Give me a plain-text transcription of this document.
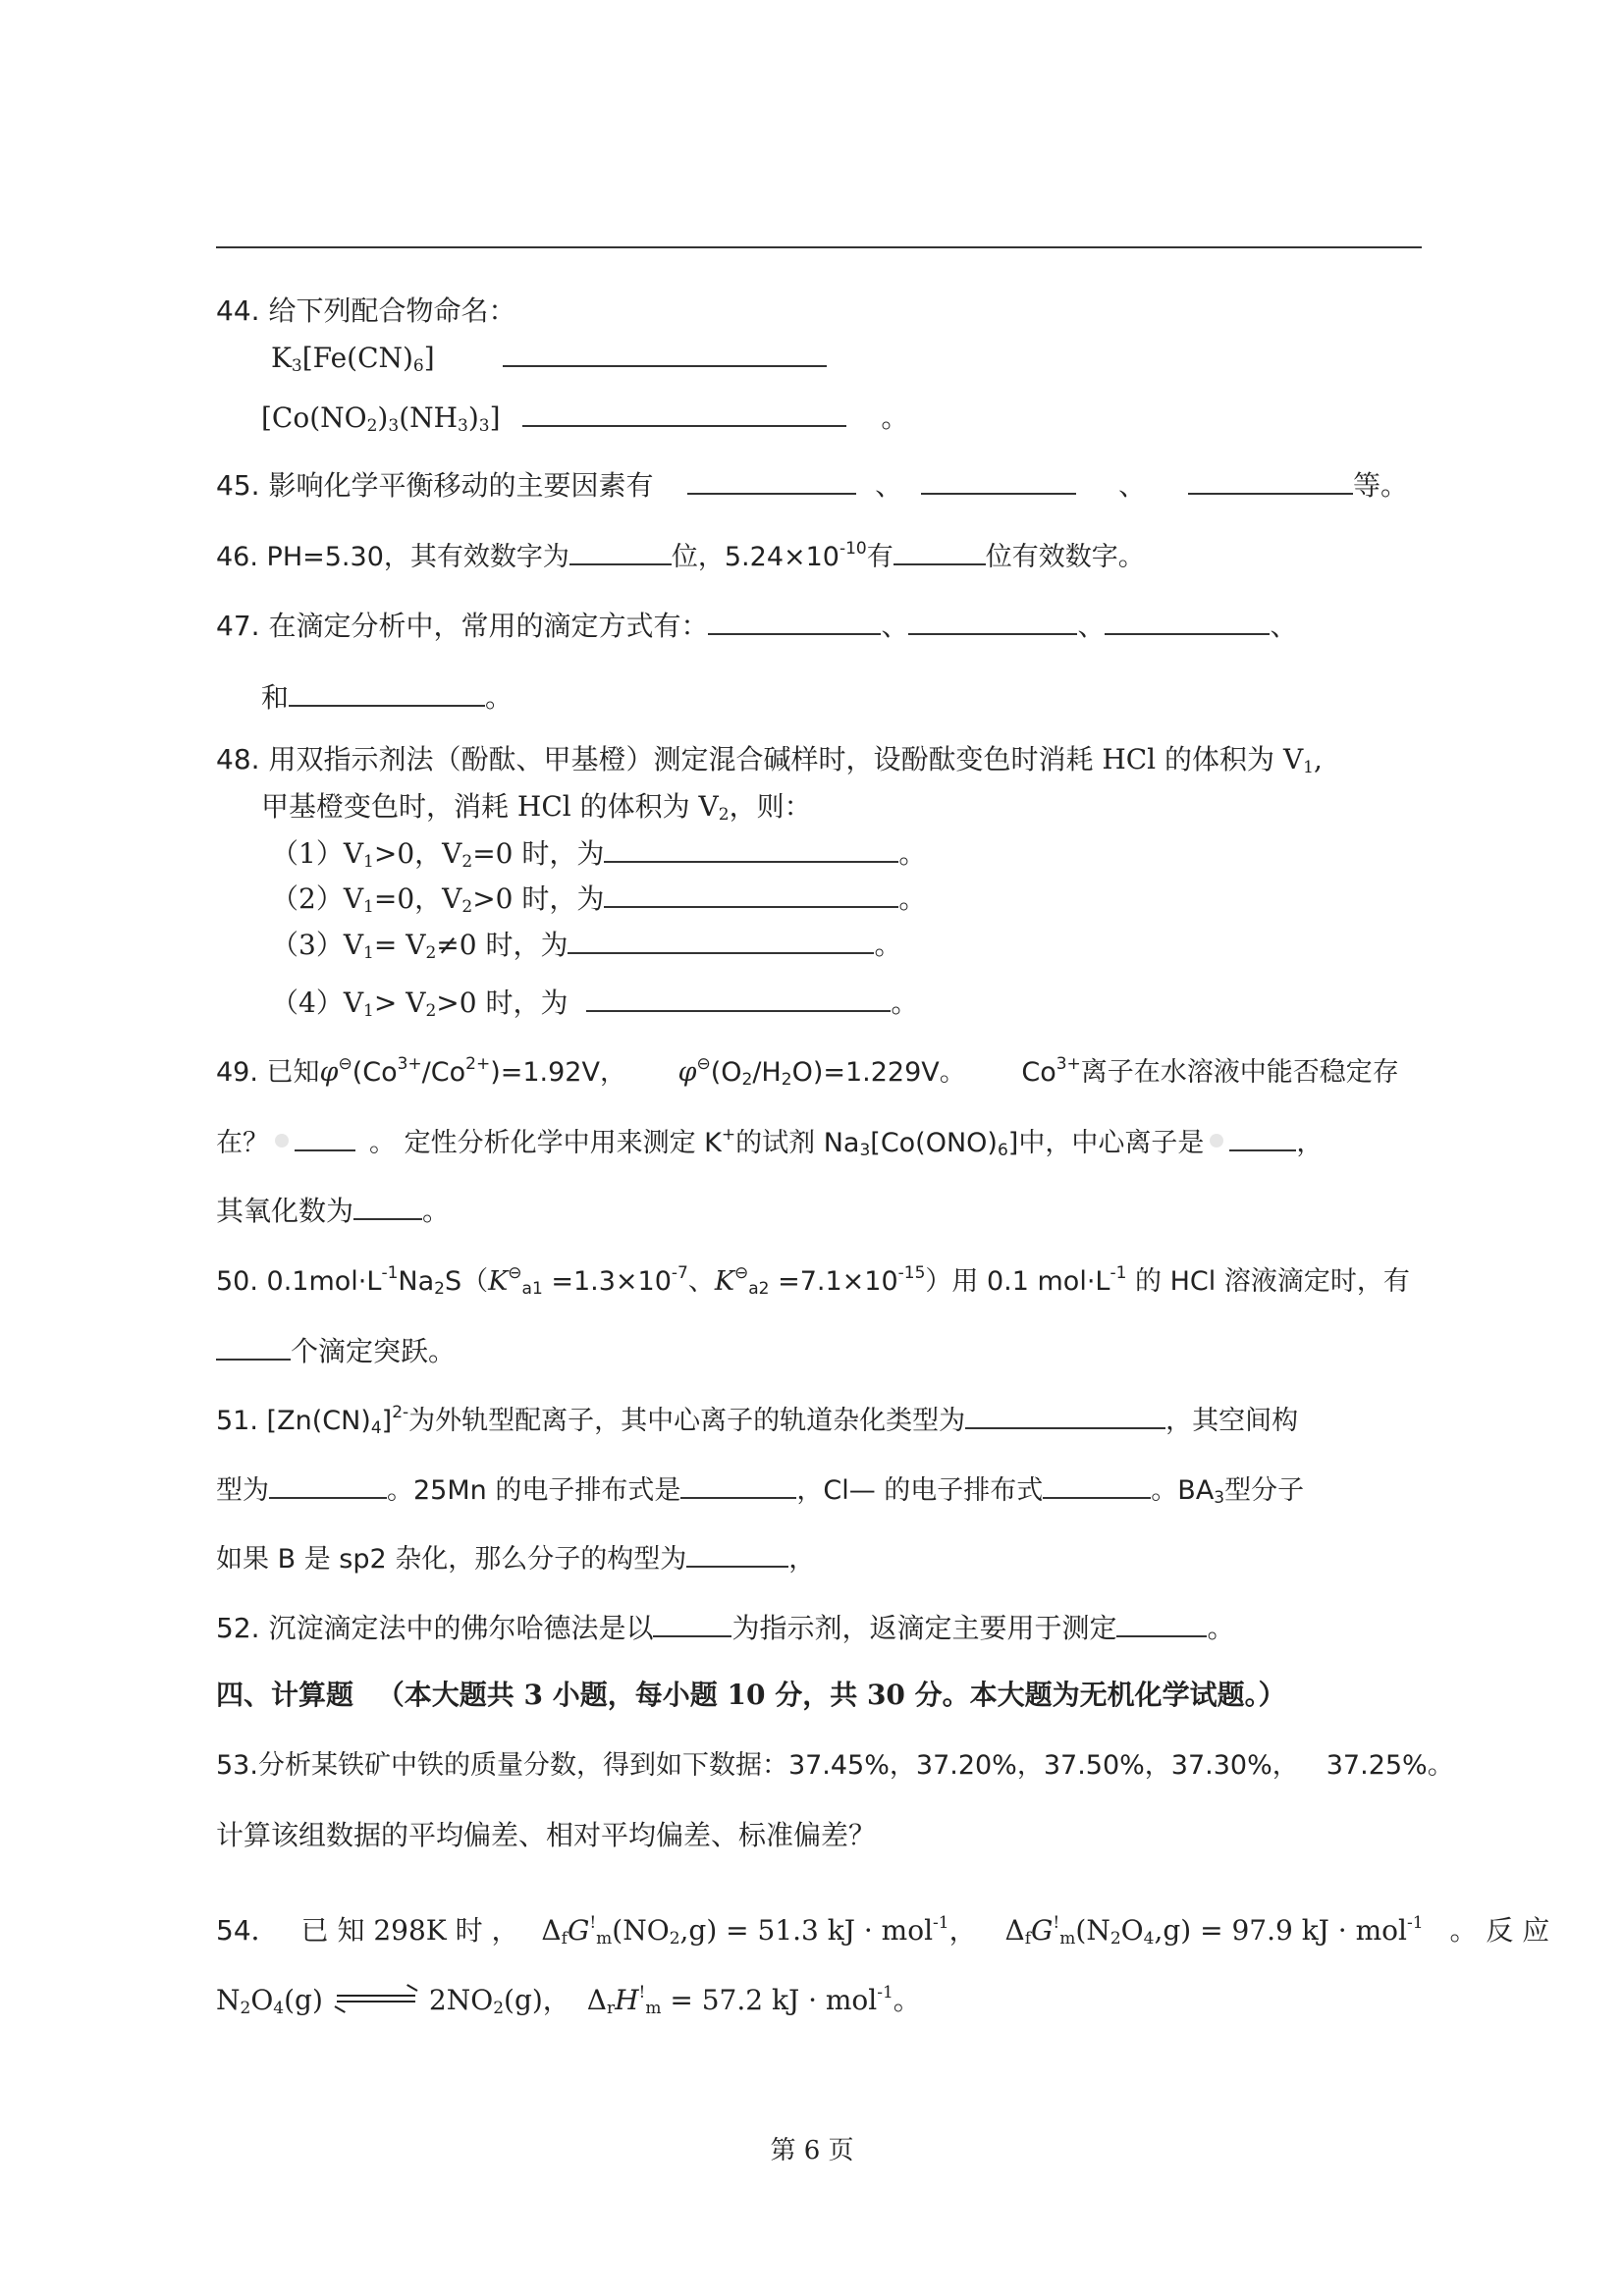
44. 给下列配合物命名：
$K_3[Fe(CN)_6]$
$[Co(NO_2)_3(NH_3)_3]$	。
45. 影响化学平衡移动的主要因素有	、	、	等。
46. PH=5.30，其有效数字为	位，$5.24\times 10^{-10}$有	位有效数字。
47. 在滴定分析中，常用的滴定方式有：	、	、	、
和	。
48. 用双指示剂法（酚酞、甲基橙）测定混合碱样时，设酚酞变色时消耗 HCl 的体积为 $V_1$,
甲基橙变色时，消耗 HCl 的体积为 $V_2$，则：
$(1)V_1>0$，$V_2=0$ 时，为	。
$(2)V_1=0$，$V_2>0$ 时，为	。
$(3)V_1= V_2\ne 0$ 时，为	。
$(4)V_1> V_2>0$ 时，为	。
49. 已知$\varphi^⊖(Co^{3+}/Co^{2+})=1.92V$， $\varphi^⊖(O_2/H_2O)=1.229V$。 $Co^{3+}$离子在水溶液中能否稳定存
在？	。 定性分析化学中用来测定 K+的试剂 $Na_3[Co(ONO)_6]$中，中心离子是	，
其氧化数为	。
50. $0.1mol\cdot L^{-1}Na_2S(K^⊖_{a1} =1.3\times 10^{-7}$、$K^⊖_{a2} =7.1\times 10^{-15}$）用 0.1 $mol\cdot L^{-1}$ 的 HCl 溶液滴定时，有
个滴定突跃。
51. $[Zn(CN)_4]^{2-}$为外轨型配离子，其中心离子的轨道杂化类型为	，其空间构
型为	。25Mn 的电子排布式是	，Cl— 的电子排布式	。$BA_3$型分子
如果 B 是 sp2 杂化，那么分子的构型为	，
52. 沉淀滴定法中的佛尔哈德法是以	为指示剂，返滴定主要用于测定	。
四、计算题 （本大题共 3 小题，每小题 10 分，共 30 分。本大题为无机化学试题。）
53.分析某铁矿中铁的质量分数，得到如下数据：37.45%，37.20%，37.50%，37.30%， 37.25%。
计算该组数据的平均偏差、相对平均偏差、标准偏差？
54． 已 知 298K 时 ， $\Delta_fG^!_m(NO_2,g) = 51.3$ kJ · mol$^{-1}$， $\Delta_fG^!_m(N_2O_4,g) = 97.9$ kJ · mol$^{-1}$ 。 反 应
$N_2O_4(g)$	$2NO_2(g)$， $\Delta_rH^!_m = 57.2$ kJ · mol$^{-1}$。
第 6 页
